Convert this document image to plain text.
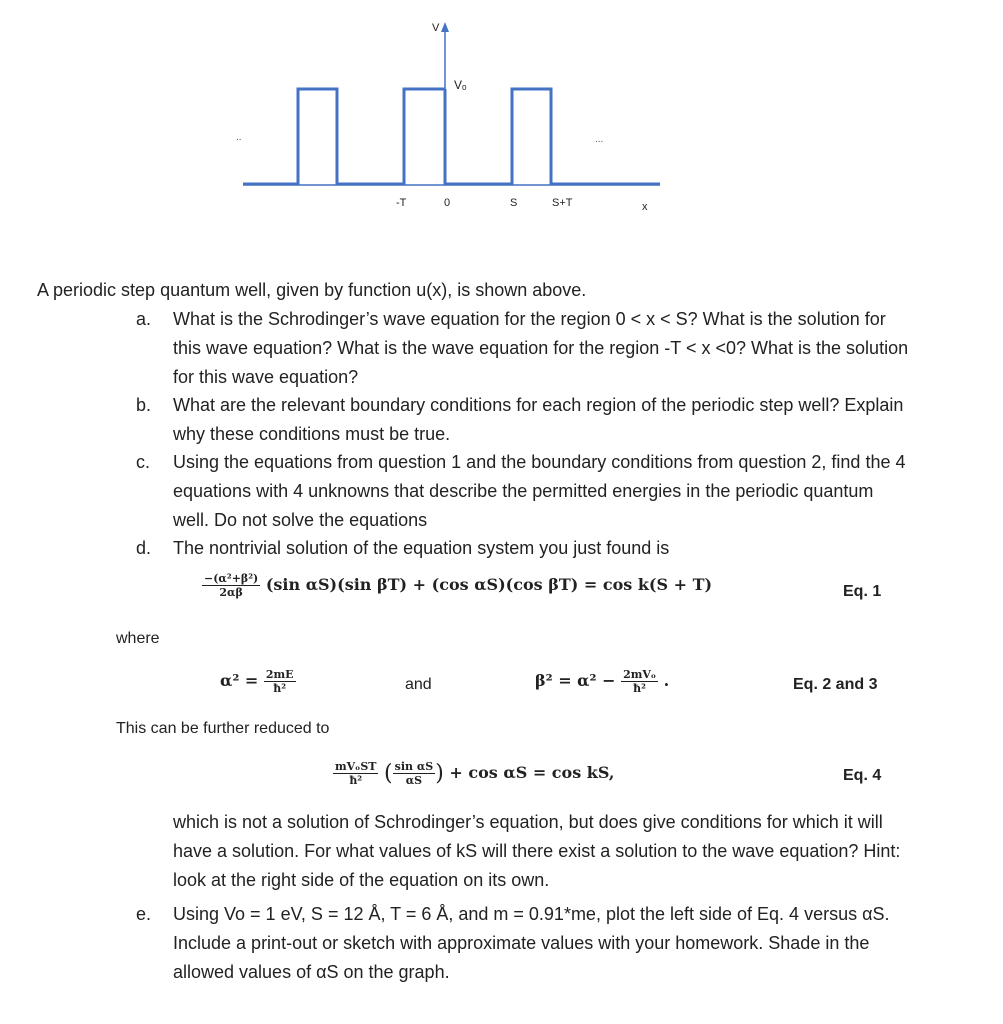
V
Vₒ
..	...
-T	0	S	S+T	x
A periodic step quantum well, given by function u(x), is shown above.
a.	What is the Schrodinger’s wave equation for the region 0 < x < S? What is the solution for this wave equation? What is the wave equation for the region -T < x <0? What is the solution for this wave equation?
b.	What are the relevant boundary conditions for each region of the periodic step well? Explain why these conditions must be true.
c.	Using the equations from question 1 and the boundary conditions from question 2, find the 4 equations with 4 unknowns that describe the permitted energies in the periodic quantum well. Do not solve the equations
d.	The nontrivial solution of the equation system you just found is
$\frac{\text{−(α²+β²)}}{2\alpha\beta} (\sin$ αS)(sin βT) + (cos αS)(cos βT) = cos k(S + T)	Eq. 1
where
$\alpha^2 = \frac{2mE}{\text{ħ²}}$	and	$\beta^2 = \alpha^2 - \frac{\text{2mVₒ}}{\text{ħ²}}$ .	Eq. 2 and 3
This can be further reduced to
$\frac{\text{mVₒST}}{\text{ħ²}}$ ( $\frac{\text{sin αS}}{\alpha S}$ ) + cos αS = cos kS,	Eq. 4
which is not a solution of Schrodinger’s equation, but does give conditions for which it will have a solution. For what values of kS will there exist a solution to the wave equation? Hint: look at the right side of the equation on its own.
e.	Using Vo = 1 eV, S = 12 Å, T = 6 Å, and m = 0.91*me, plot the left side of Eq. 4 versus αS. Include a print-out or sketch with approximate values with your homework. Shade in the allowed values of αS on the graph.
